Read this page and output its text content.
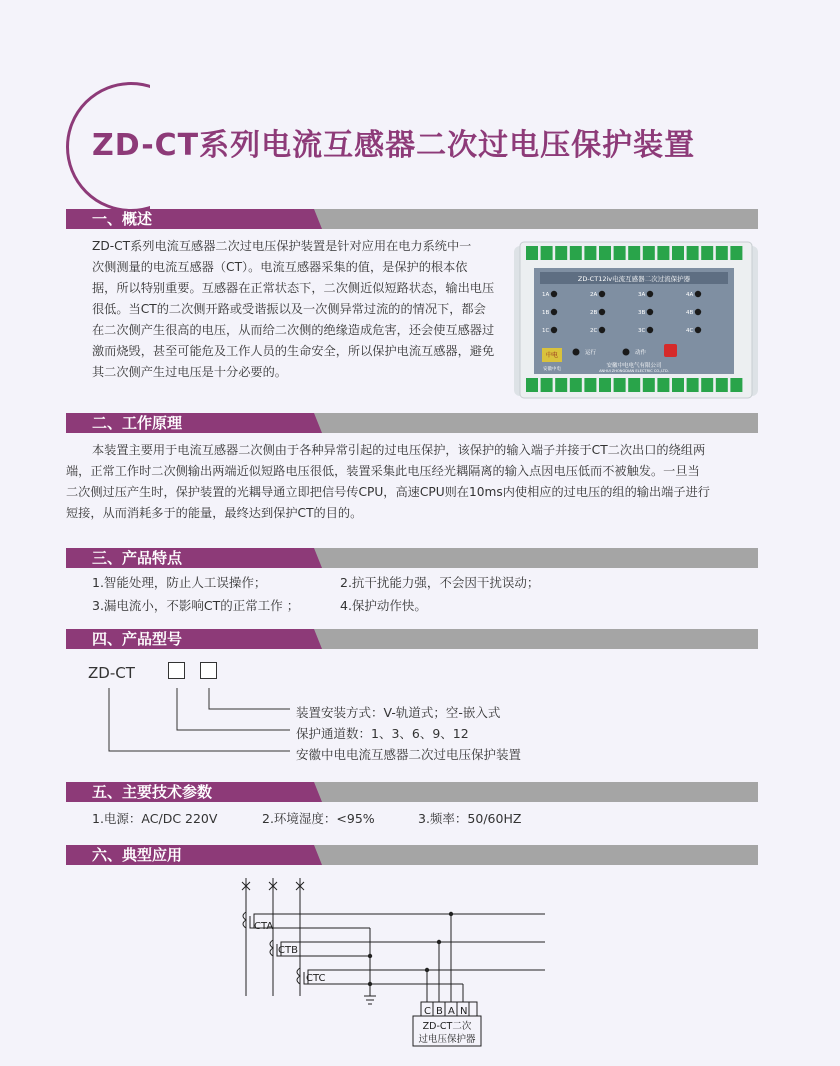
ZD-CT系列电流互感器二次过电压保护装置
一、概述
ZD-CT系列电流互感器二次过电压保护装置是针对应用在电力系统中一
次侧测量的电流互感器（CT）。电流互感器采集的值，是保护的根本依
据，所以特别重要。互感器在正常状态下，二次侧近似短路状态，输出电压
很低。当CT的二次侧开路或受谐振以及一次侧异常过流的的情况下，都会
在二次侧产生很高的电压，从而给二次侧的绝缘造成危害，还会使互感器过
激而烧毁，甚至可能危及工作人员的生命安全，所以保护电流互感器，避免
其二次侧产生过电压是十分必要的。
ZD-CT12iv电流互感器二次过流保护器
1A	2A	3A	4A
1B	2B	3B	4B
1C	2C	3C	4C
中电
安徽中电
运行	动作
安徽中电电气有限公司
ANHUI ZHONGDIAN ELECTRIC CO.,LTD.
二、工作原理
本装置主要用于电流互感器二次侧由于各种异常引起的过电压保护，该保护的输入端子并接于CT二次出口的绕组两
端，正常工作时二次侧输出两端近似短路电压很低，装置采集此电压经光耦隔离的输入点因电压低而不被触发。一旦当
二次侧过压产生时，保护装置的光耦导通立即把信号传CPU，高速CPU则在10ms内使相应的过电压的组的输出端子进行
短接，从而消耗多于的能量，最终达到保护CT的目的。
三、产品特点
1.智能处理，防止人工误操作；	2.抗干扰能力强，不会因干扰误动；
3.漏电流小，不影响CT的正常工作 ；	4.保护动作快。
四、产品型号
ZD-CT
装置安装方式：V-轨道式；空-嵌入式
保护通道数：1、3、6、9、12
安徽中电电流互感器二次过电压保护装置
五、主要技术参数
1.电源：AC/DC 220V	2.环境湿度：<95%	3.频率：50/60HZ
六、典型应用
CTA
CTB
CTC
C B A N
ZD-CT二次
过电压保护器
